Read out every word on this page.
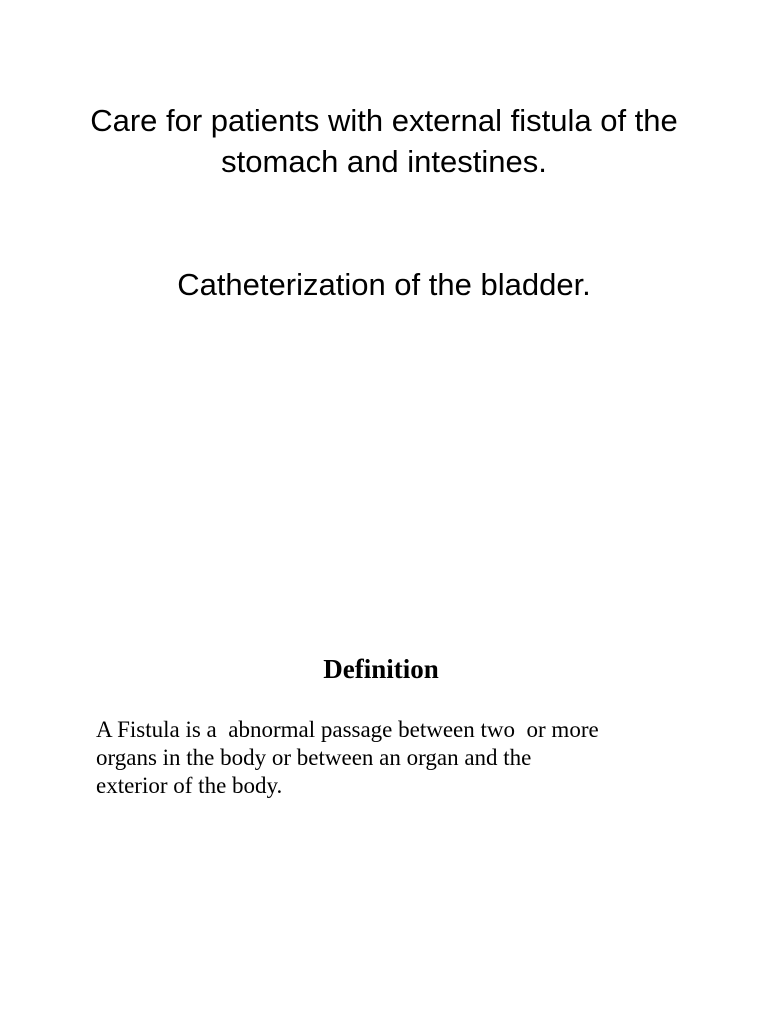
Care for patients with external fistula of the
stomach and intestines.
Catheterization of the bladder.
Definition

A Fistula is a  abnormal passage between two  or more
organs in the body or between an organ and the
exterior of the body.
